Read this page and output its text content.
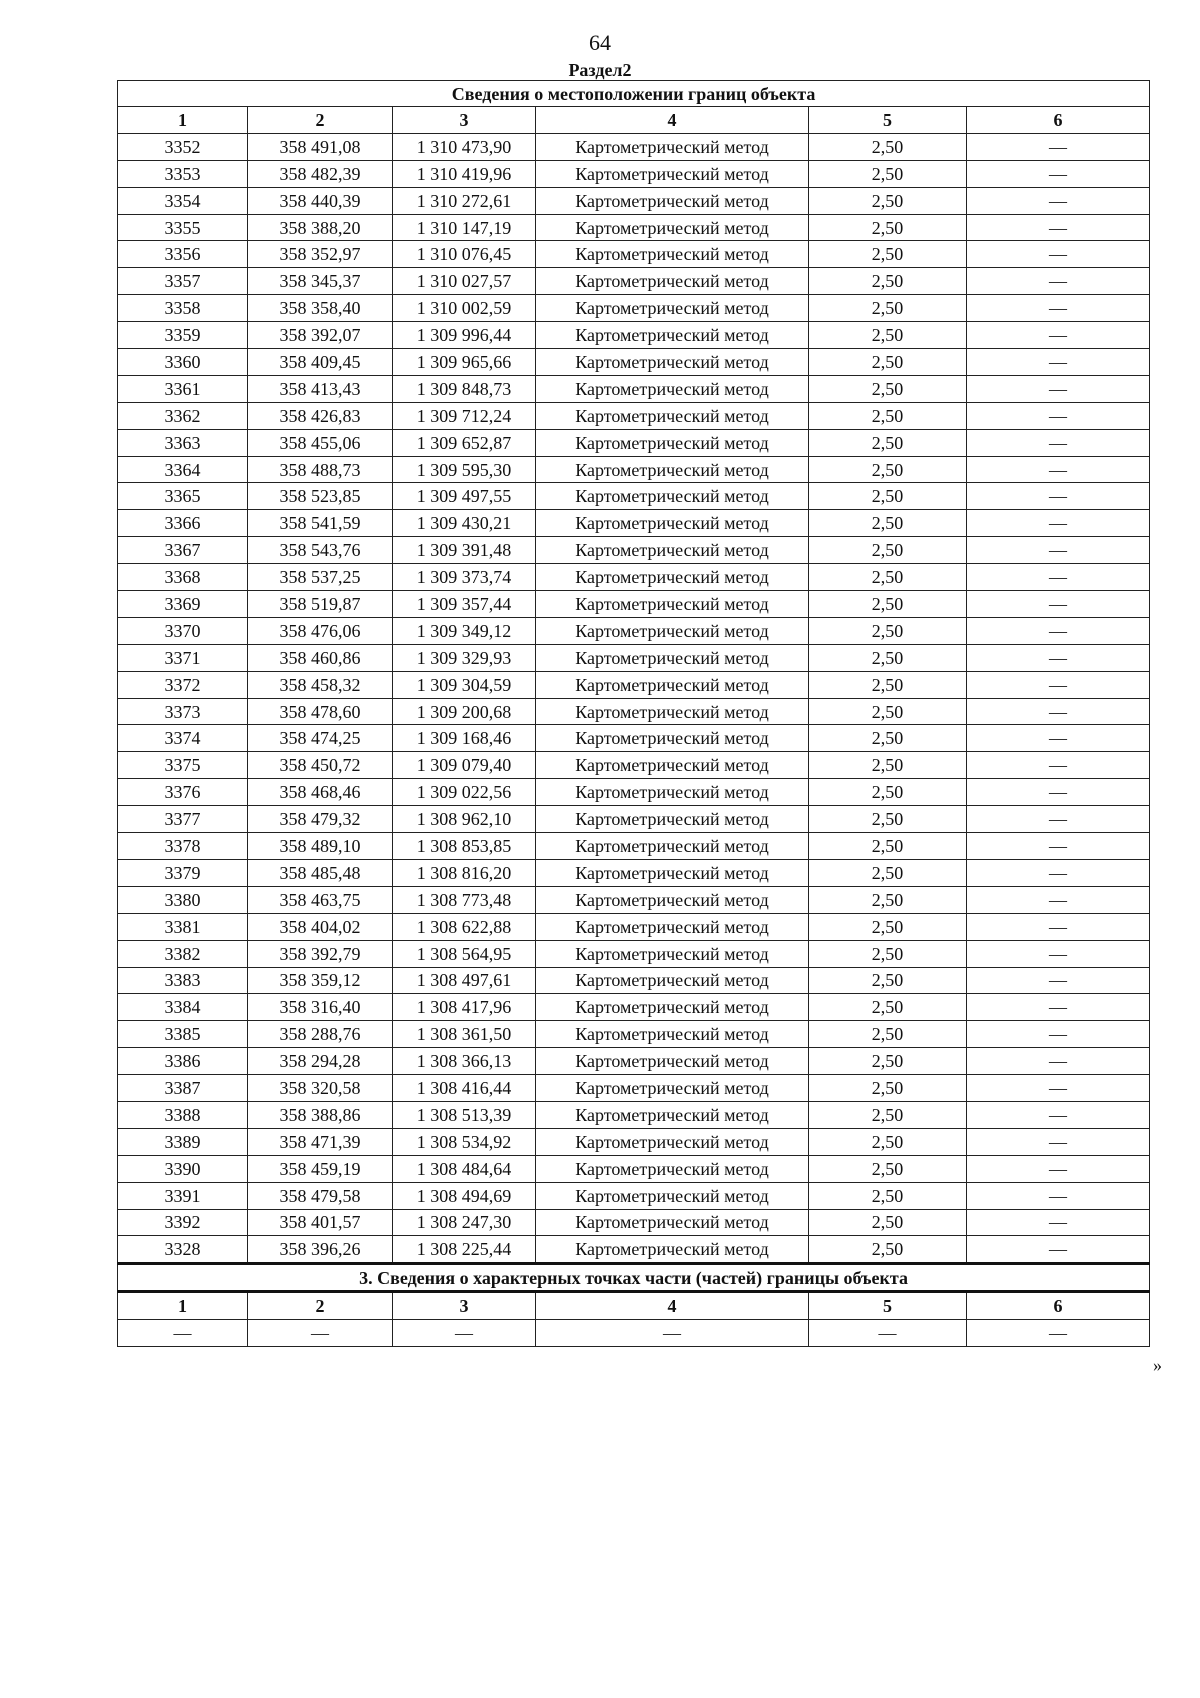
64
Раздел2
Сведения о местоположении границ объекта					
1	2	3	4	5	6
3352	358 491,08	1 310 473,90	Картометрический метод	2,50	—
3353	358 482,39	1 310 419,96	Картометрический метод	2,50	—
3354	358 440,39	1 310 272,61	Картометрический метод	2,50	—
3355	358 388,20	1 310 147,19	Картометрический метод	2,50	—
3356	358 352,97	1 310 076,45	Картометрический метод	2,50	—
3357	358 345,37	1 310 027,57	Картометрический метод	2,50	—
3358	358 358,40	1 310 002,59	Картометрический метод	2,50	—
3359	358 392,07	1 309 996,44	Картометрический метод	2,50	—
3360	358 409,45	1 309 965,66	Картометрический метод	2,50	—
3361	358 413,43	1 309 848,73	Картометрический метод	2,50	—
3362	358 426,83	1 309 712,24	Картометрический метод	2,50	—
3363	358 455,06	1 309 652,87	Картометрический метод	2,50	—
3364	358 488,73	1 309 595,30	Картометрический метод	2,50	—
3365	358 523,85	1 309 497,55	Картометрический метод	2,50	—
3366	358 541,59	1 309 430,21	Картометрический метод	2,50	—
3367	358 543,76	1 309 391,48	Картометрический метод	2,50	—
3368	358 537,25	1 309 373,74	Картометрический метод	2,50	—
3369	358 519,87	1 309 357,44	Картометрический метод	2,50	—
3370	358 476,06	1 309 349,12	Картометрический метод	2,50	—
3371	358 460,86	1 309 329,93	Картометрический метод	2,50	—
3372	358 458,32	1 309 304,59	Картометрический метод	2,50	—
3373	358 478,60	1 309 200,68	Картометрический метод	2,50	—
3374	358 474,25	1 309 168,46	Картометрический метод	2,50	—
3375	358 450,72	1 309 079,40	Картометрический метод	2,50	—
3376	358 468,46	1 309 022,56	Картометрический метод	2,50	—
3377	358 479,32	1 308 962,10	Картометрический метод	2,50	—
3378	358 489,10	1 308 853,85	Картометрический метод	2,50	—
3379	358 485,48	1 308 816,20	Картометрический метод	2,50	—
3380	358 463,75	1 308 773,48	Картометрический метод	2,50	—
3381	358 404,02	1 308 622,88	Картометрический метод	2,50	—
3382	358 392,79	1 308 564,95	Картометрический метод	2,50	—
3383	358 359,12	1 308 497,61	Картометрический метод	2,50	—
3384	358 316,40	1 308 417,96	Картометрический метод	2,50	—
3385	358 288,76	1 308 361,50	Картометрический метод	2,50	—
3386	358 294,28	1 308 366,13	Картометрический метод	2,50	—
3387	358 320,58	1 308 416,44	Картометрический метод	2,50	—
3388	358 388,86	1 308 513,39	Картометрический метод	2,50	—
3389	358 471,39	1 308 534,92	Картометрический метод	2,50	—
3390	358 459,19	1 308 484,64	Картометрический метод	2,50	—
3391	358 479,58	1 308 494,69	Картометрический метод	2,50	—
3392	358 401,57	1 308 247,30	Картометрический метод	2,50	—
3328	358 396,26	1 308 225,44	Картометрический метод	2,50	—
3. Сведения о характерных точках части (частей) границы объекта					
1	2	3	4	5	6
—	—	—	—	—	—
»
